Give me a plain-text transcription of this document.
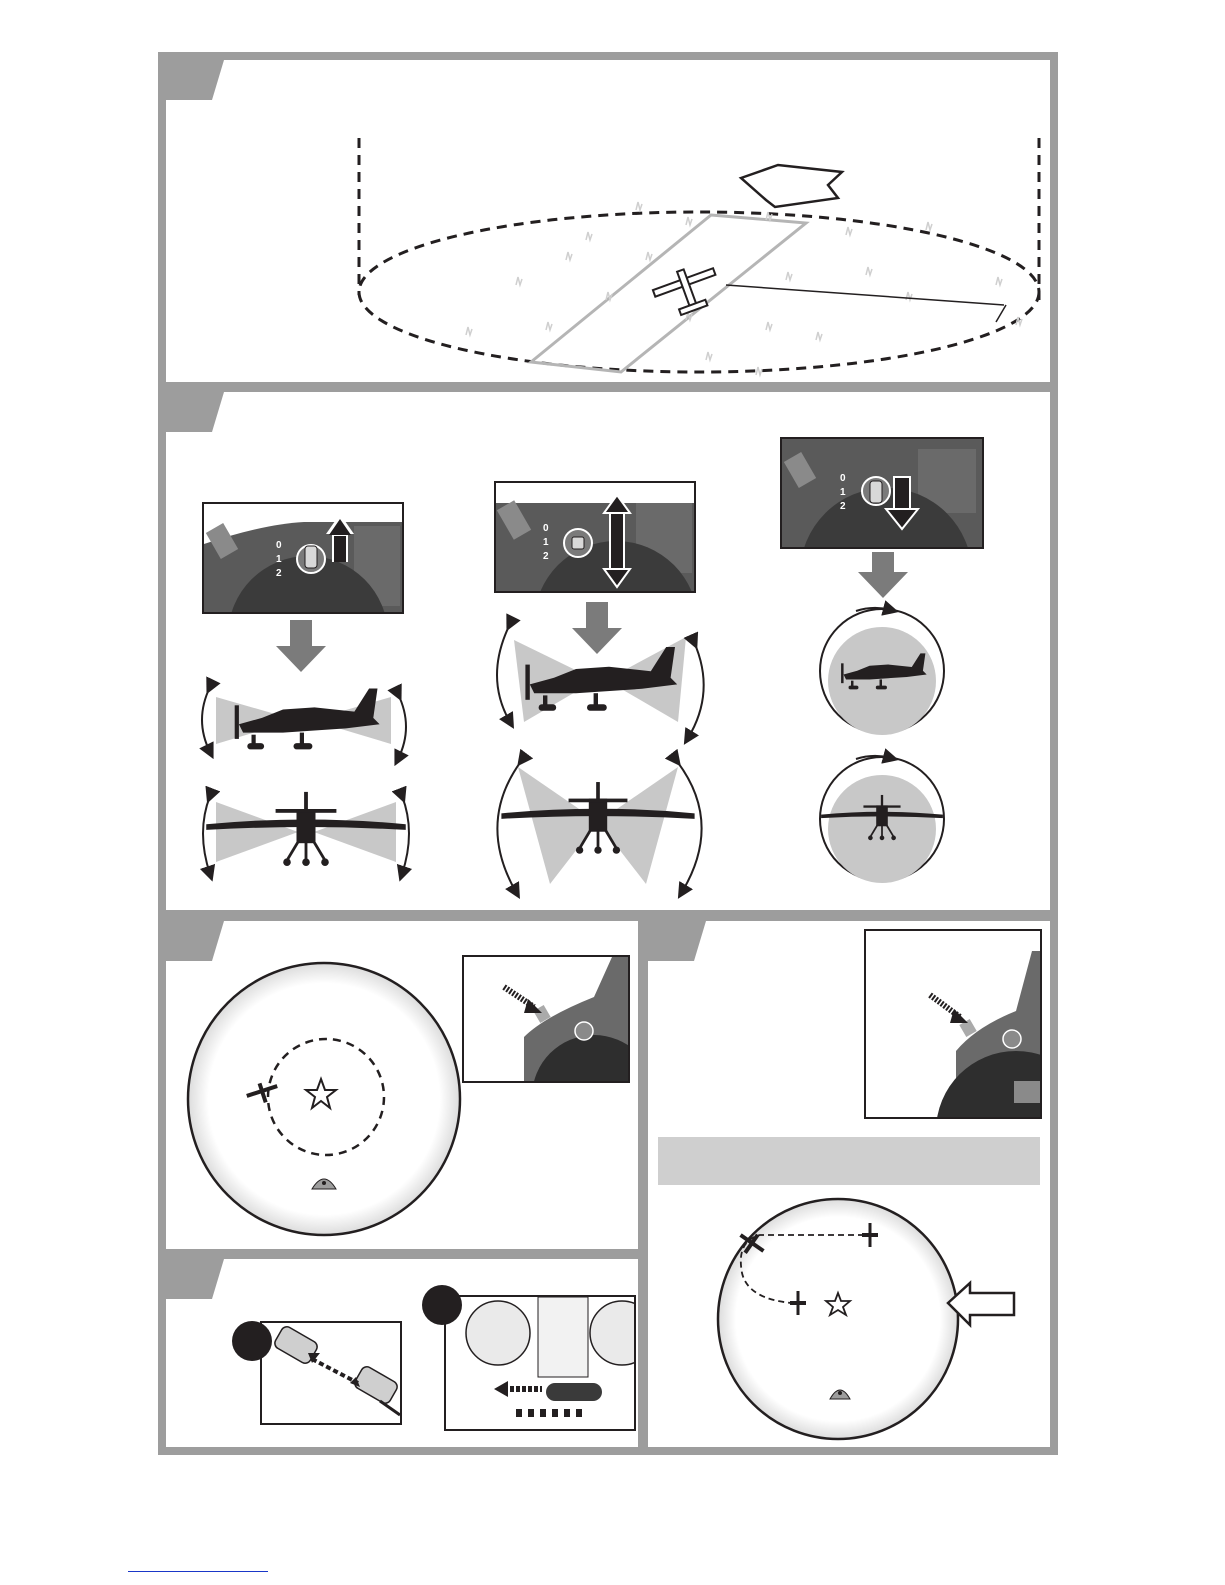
0
1
2
0
1
2
0
1
2
